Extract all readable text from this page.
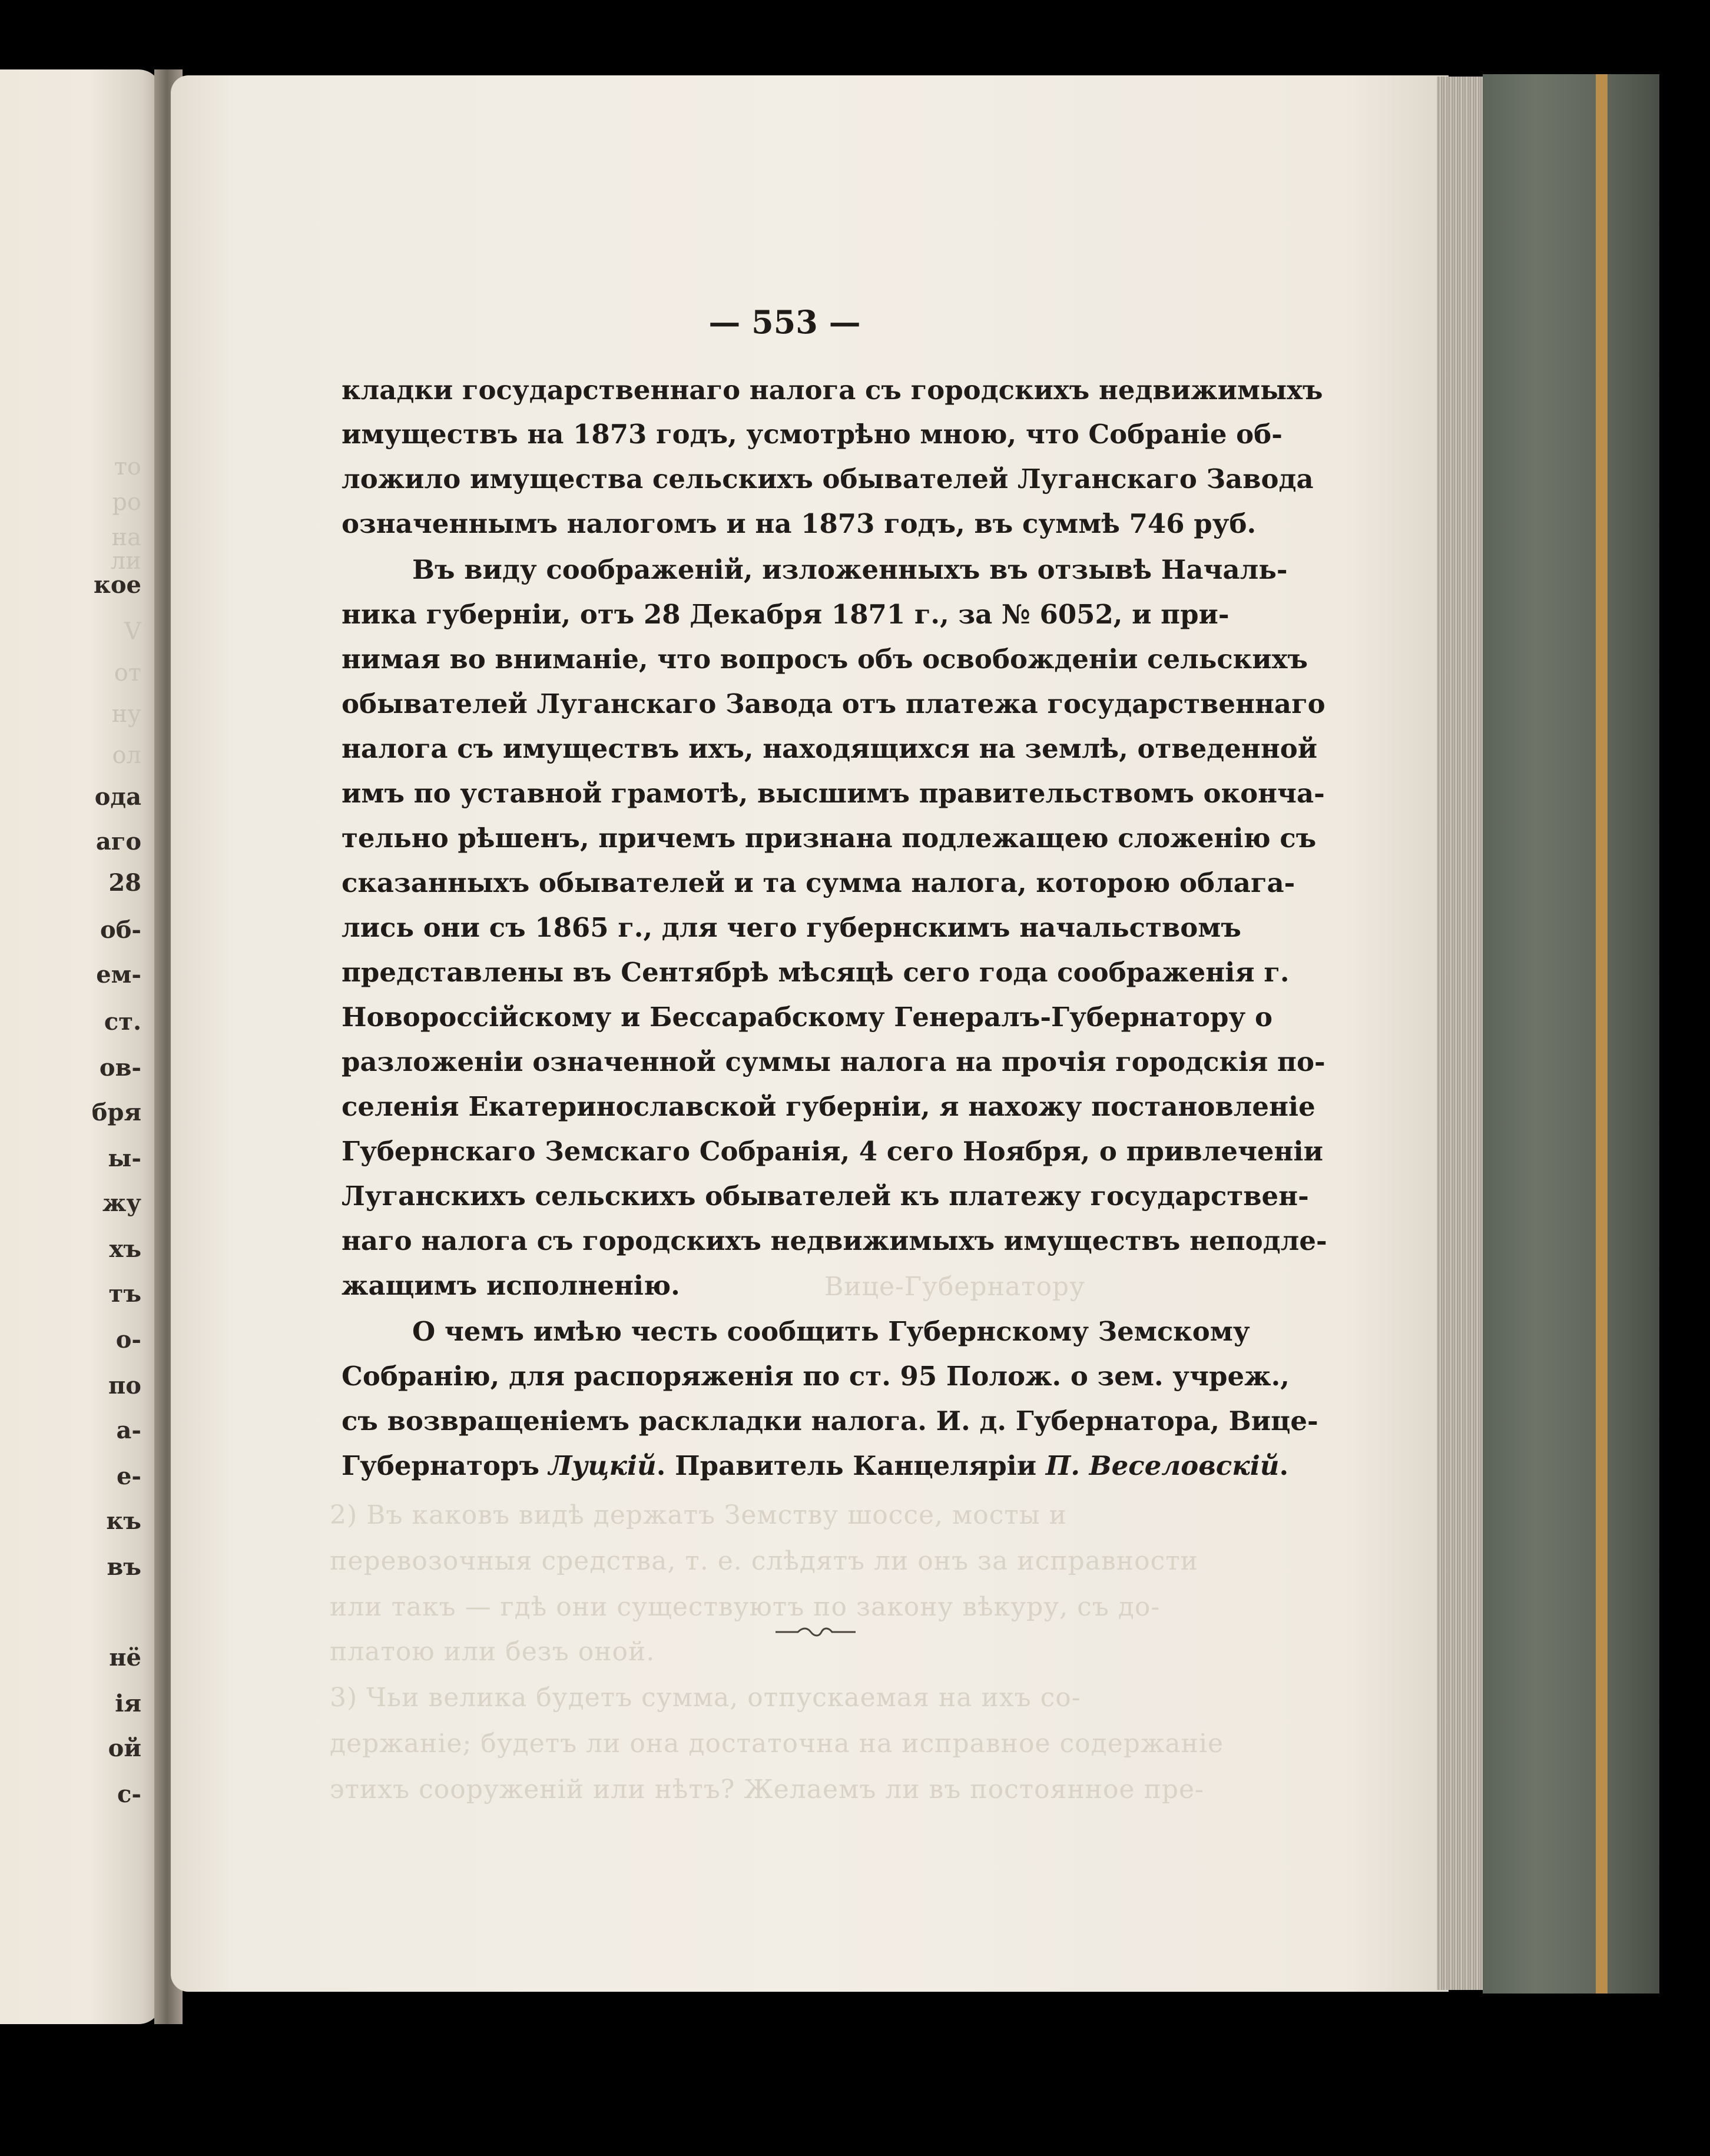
кое
то
ро
на
ли
V
от
ну
ол
ода
аго
28
об-
ем-
ст.
ов-
бря
ы-
жу
хъ
тъ
о-
по
а-
е-
къ
въ
нё
ія
ой
с-
Вице-Губернатору
2) Въ каковъ видѣ держатъ Земству шоссе, мосты и
перевозочныя средства, т. е. слѣдятъ ли онъ за исправности
или такъ — гдѣ они существуютъ по закону вѣкуру, съ до-
платою или безъ оной.
3) Чьи велика будетъ сумма, отпускаемая на ихъ со-
держаніе; будетъ ли она достаточна на исправное содержаніе
этихъ сооруженій или нѣтъ? Желаемъ ли въ постоянное пре-
— 553 —
кладки государственнаго налога съ городскихъ недвижимыхъ
имуществъ на 1873 годъ, усмотрѣно мною, что Собраніе об-
ложило имущества сельскихъ обывателей Луганскаго Завода
означеннымъ налогомъ и на 1873 годъ, въ суммѣ 746 руб.
Въ виду соображеній, изложенныхъ въ отзывѣ Началь-
ника губерніи, отъ 28 Декабря 1871 г., за № 6052, и при-
нимая во вниманіе, что вопросъ объ освобожденіи сельскихъ
обывателей Луганскаго Завода отъ платежа государственнаго
налога съ имуществъ ихъ, находящихся на землѣ, отведенной
имъ по уставной грамотѣ, высшимъ правительствомъ оконча-
тельно рѣшенъ, причемъ признана подлежащею сложенію съ
сказанныхъ обывателей и та сумма налога, которою облага-
лись они съ 1865 г., для чего губернскимъ начальствомъ
представлены въ Сентябрѣ мѣсяцѣ сего года соображенія г.
Новороссійскому и Бессарабскому Генералъ-Губернатору о
разложеніи означенной суммы налога на прочія городскія по-
селенія Екатеринославской губерніи, я нахожу постановленіе
Губернскаго Земскаго Собранія, 4 сего Ноября, о привлеченіи
Луганскихъ сельскихъ обывателей къ платежу государствен-
наго налога съ городскихъ недвижимыхъ имуществъ неподле-
жащимъ исполненію.
О чемъ имѣю честь сообщить Губернскому Земскому
Собранію, для распоряженія по ст. 95 Полож. о зем. учреж.,
съ возвращеніемъ раскладки налога. И. д. Губернатора, Вице-
Губернаторъ Луцкій. Правитель Канцеляріи П. Веселовскій.
